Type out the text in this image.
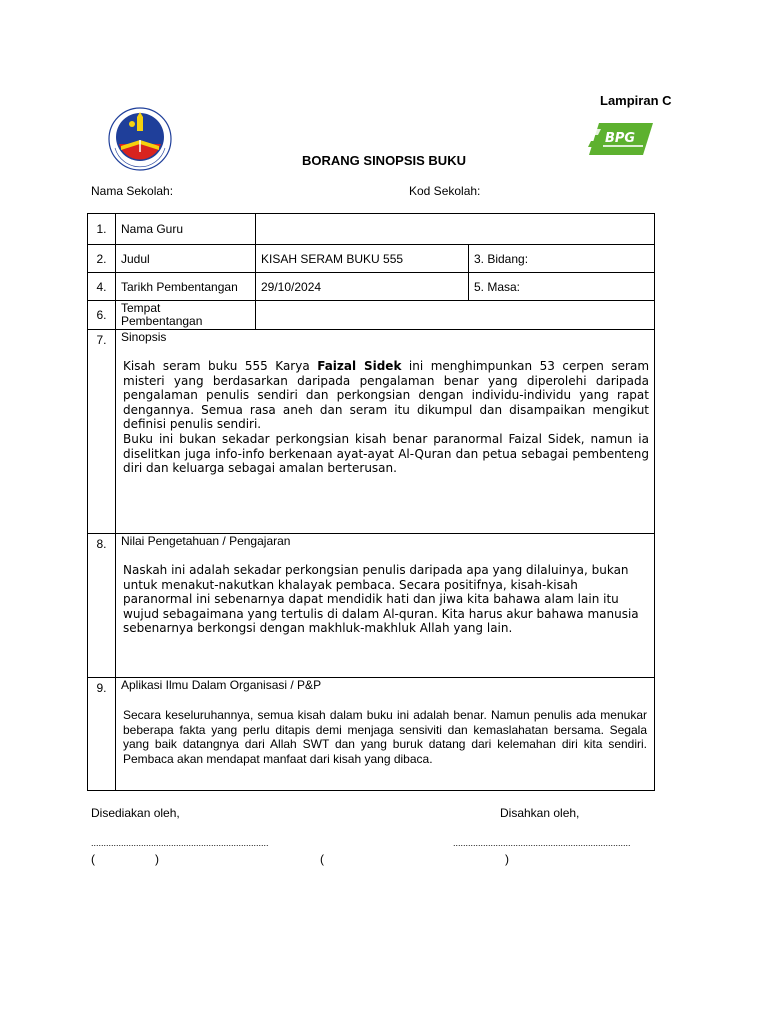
Lampiran C
BPG
BORANG SINOPSIS BUKU
Nama Sekolah:	Kod Sekolah:
1.	Nama Guru		
2.	Judul	KISAH SERAM BUKU 555	3. Bidang:
4.	Tarikh Pembentangan	29/10/2024	5. Masa:
6.	Tempat
Pembentangan		

7.	Sinopsis
Kisah seram buku 555 Karya Faizal Sidek ini menghimpunkan 53 cerpen seram misteri yang berdasarkan daripada pengalaman benar yang diperolehi daripada pengalaman penulis sendiri dan perkongsian dengan individu-individu yang rapat dengannya. Semua rasa aneh dan seram itu dikumpul dan disampaikan mengikut definisi penulis sendiri.
Buku ini bukan sekadar perkongsian kisah benar paranormal Faizal Sidek, namun ia diselitkan juga info-info berkenaan ayat-ayat Al-Quran dan petua sebagai pembenteng diri dan keluarga sebagai amalan berterusan.		

8.	Nilai Pengetahuan / Pengajaran
Naskah ini adalah sekadar perkongsian penulis daripada apa yang dilaluinya, bukan untuk menakut-nakutkan khalayak pembaca. Secara positifnya, kisah-kisah paranormal ini sebenarnya dapat mendidik hati dan jiwa kita bahawa alam lain itu wujud sebagaimana yang tertulis di dalam Al-quran. Kita harus akur bahawa manusia sebenarnya berkongsi dengan makhluk-makhluk Allah yang lain.		

9.	Aplikasi Ilmu Dalam Organisasi / P&P
Secara keseluruhannya, semua kisah dalam buku ini adalah benar. Namun penulis ada menukar beberapa fakta yang perlu ditapis demi menjaga sensiviti dan kemaslahatan bersama. Segala yang baik datangnya dari Allah SWT dan yang buruk datang dari kelemahan diri kita sendiri. Pembaca akan mendapat manfaat dari kisah yang dibaca.		
Disediakan oleh,	Disahkan oleh,
.......................................................................	.......................................................................
(	)	(	)
